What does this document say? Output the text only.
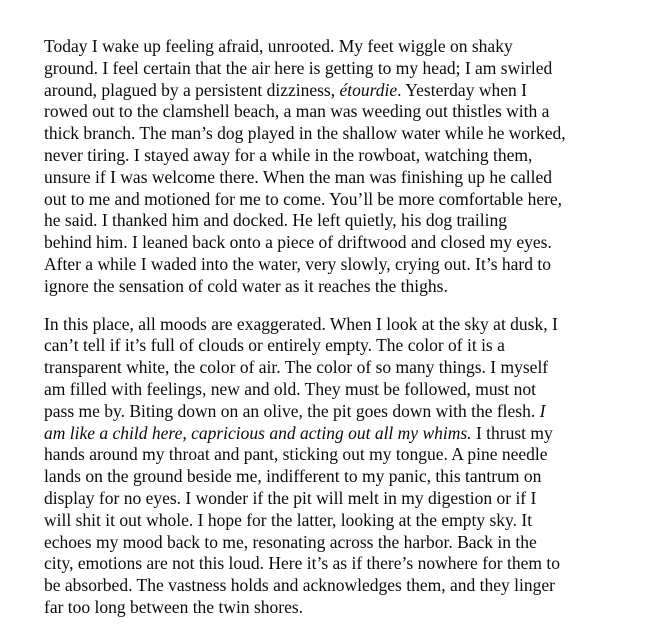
Today I wake up feeling afraid, unrooted. My feet wiggle on shaky
ground. I feel certain that the air here is getting to my head; I am swirled
around, plagued by a persistent dizziness, étourdie. Yesterday when I
rowed out to the clamshell beach, a man was weeding out thistles with a
thick branch. The man’s dog played in the shallow water while he worked,
never tiring. I stayed away for a while in the rowboat, watching them,
unsure if I was welcome there. When the man was finishing up he called
out to me and motioned for me to come. You’ll be more comfortable here,
he said. I thanked him and docked. He left quietly, his dog trailing
behind him. I leaned back onto a piece of driftwood and closed my eyes.
After a while I waded into the water, very slowly, crying out. It’s hard to
ignore the sensation of cold water as it reaches the thighs.

In this place, all moods are exaggerated. When I look at the sky at dusk, I
can’t tell if it’s full of clouds or entirely empty. The color of it is a
transparent white, the color of air. The color of so many things. I myself
am filled with feelings, new and old. They must be followed, must not
pass me by. Biting down on an olive, the pit goes down with the flesh. I
am like a child here, capricious and acting out all my whims. I thrust my
hands around my throat and pant, sticking out my tongue. A pine needle
lands on the ground beside me, indifferent to my panic, this tantrum on
display for no eyes. I wonder if the pit will melt in my digestion or if I
will shit it out whole. I hope for the latter, looking at the empty sky. It
echoes my mood back to me, resonating across the harbor. Back in the
city, emotions are not this loud. Here it’s as if there’s nowhere for them to
be absorbed. The vastness holds and acknowledges them, and they linger
far too long between the twin shores.
